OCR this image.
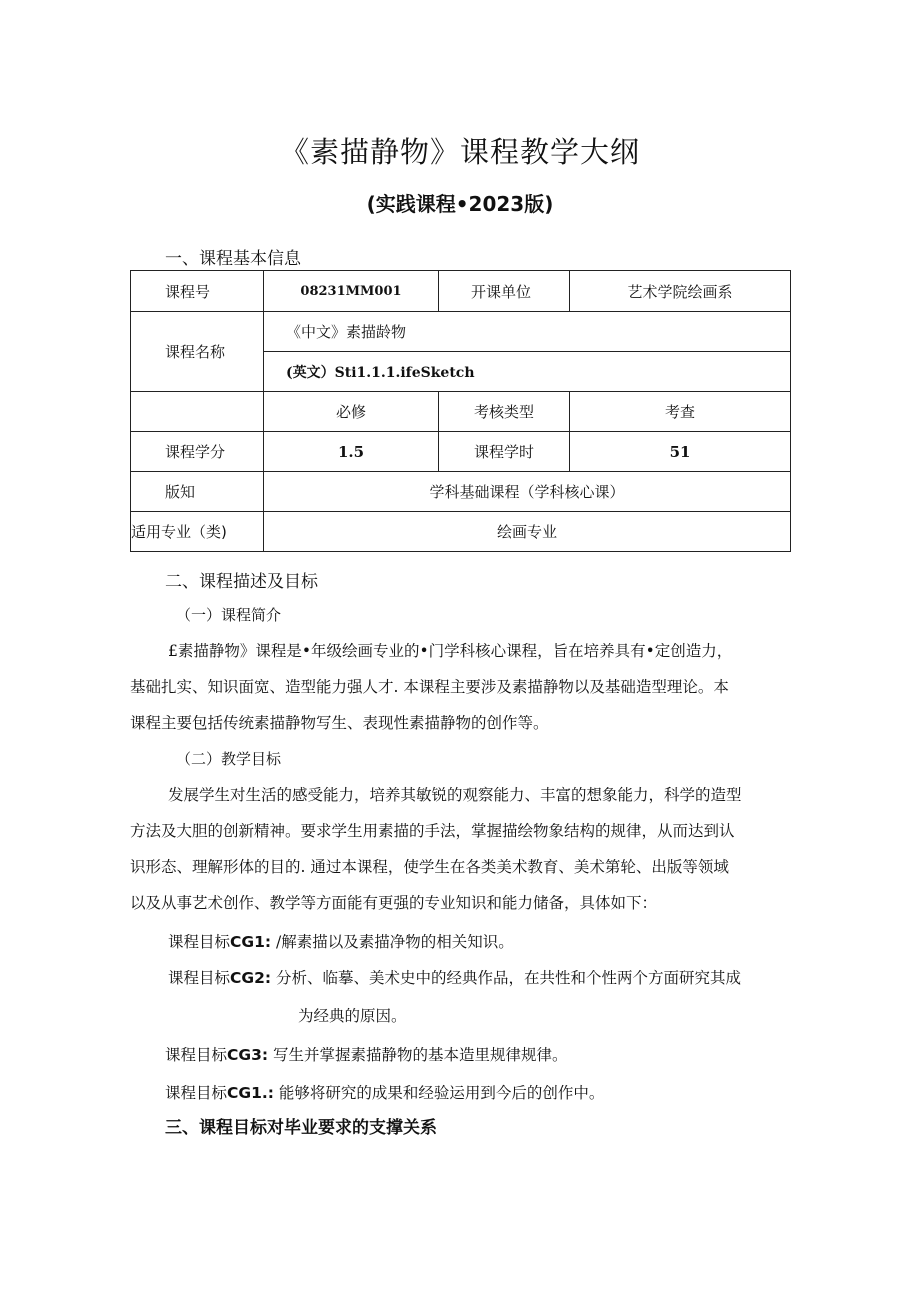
《素描静物》课程教学大纲
(实践课程•2023版)
一、课程基本信息
课程号	08231MM001	开课单位	艺术学院绘画系
课程名称	《中文》素描龄物		
	(英文）Sti1.1.1.ifeSketch		
	必修	考核类型	考查
课程学分	1.5	课程学时	51
版知	学科基础课程（学科核心课）		
适用专业（类)	绘画专业		
二、课程描述及目标
（一）课程简介
£素描静物》课程是•年级绘画专业的•门学科核心课程，旨在培养具有•定创造力，
基础扎实、知识面宽、造型能力强人才. 本课程主要涉及素描静物以及基础造型理论。本
课程主要包括传统素描静物写生、表现性素描静物的创作等。
（二）教学目标
发展学生对生活的感受能力，培养其敏锐的观察能力、丰富的想象能力，科学的造型
方法及大胆的创新精神。要求学生用素描的手法，掌握描绘物象结构的规律，从而达到认
识形态、理解形体的目的. 通过本课程，使学生在各类美术教育、美术第轮、出版等领域
以及从事艺术创作、教学等方面能有更强的专业知识和能力储备，具体如下：
课程目标CG1: /解素描以及素描净物的相关知识。
课程目标CG2: 分析、临摹、美术史中的经典作品，在共性和个性两个方面研究其成
为经典的原因。
课程目标CG3: 写生并掌握素描静物的基本造里规律规律。
课程目标CG1.: 能够将研究的成果和经验运用到今后的创作中。
三、课程目标对毕业要求的支撑关系
